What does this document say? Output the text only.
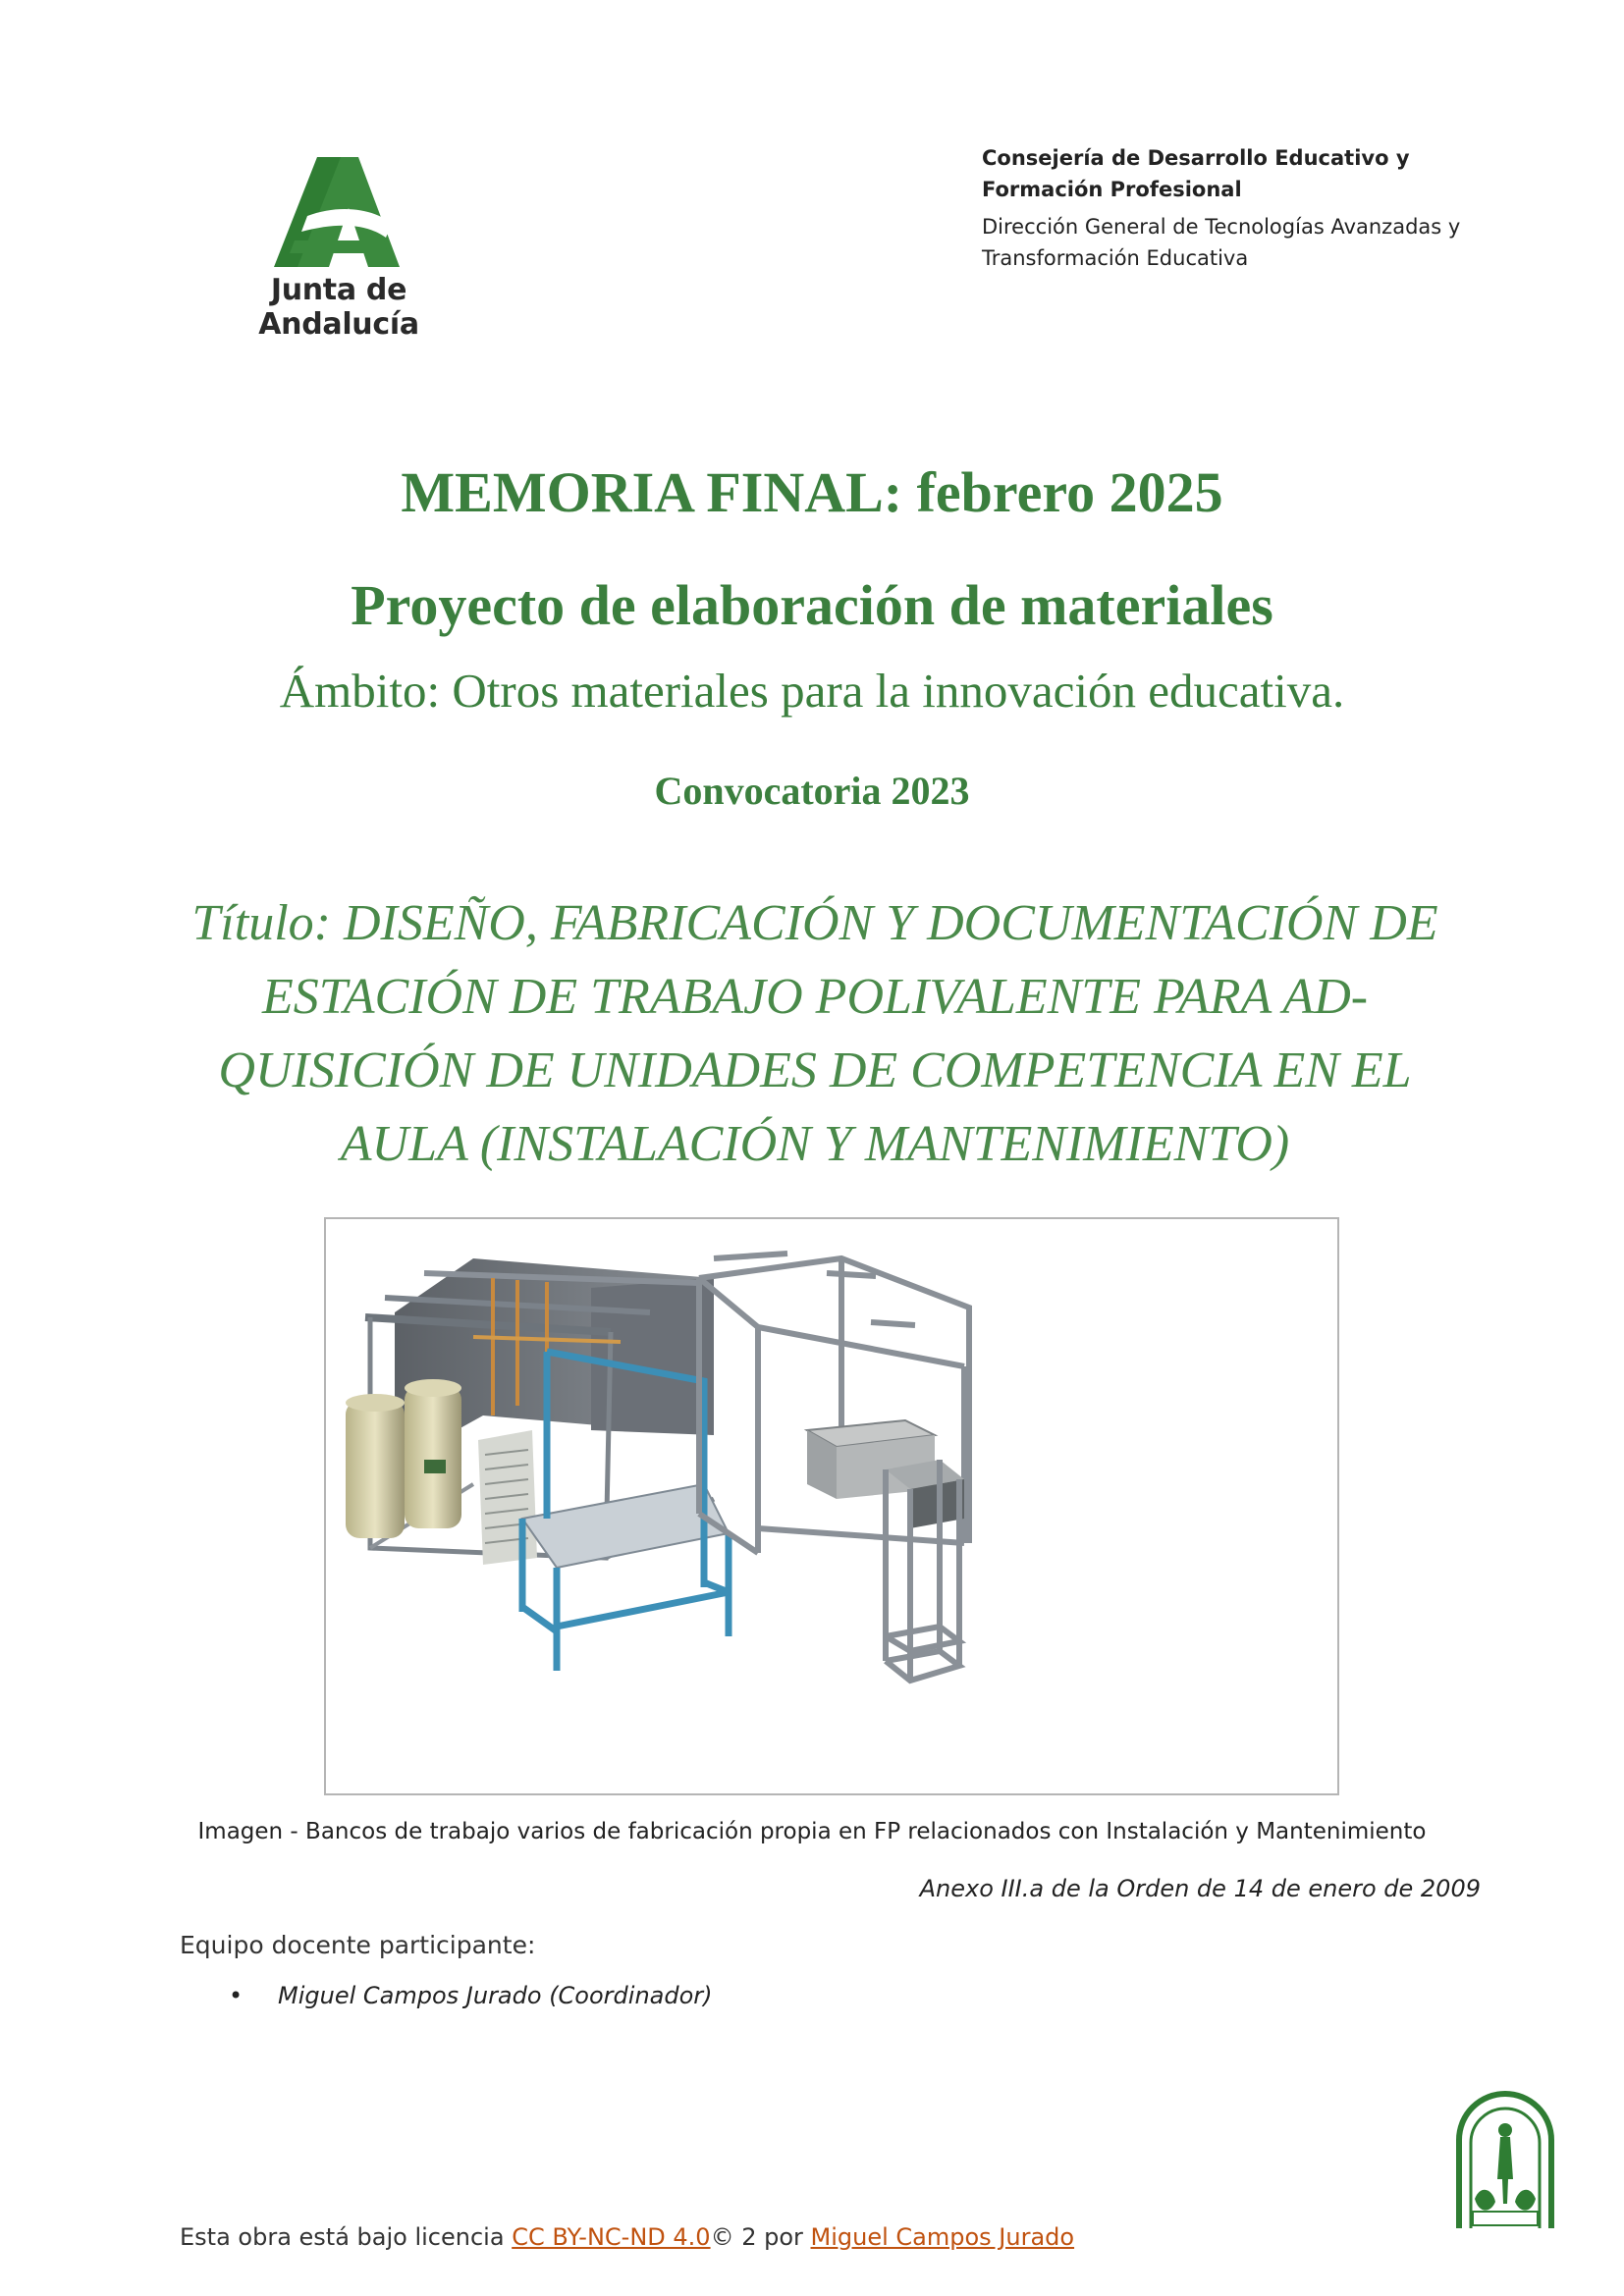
Junta de Andalucía
Consejería de Desarrollo Educativo y Formación Profesional
Dirección General de Tecnologías Avanzadas y Transformación Educativa
MEMORIA FINAL: febrero 2025
Proyecto de elaboración de materiales
Ámbito: Otros materiales para la innovación educativa.
Convocatoria 2023
Título: DISEÑO, FABRICACIÓN Y DOCUMENTACIÓN DE ESTACIÓN DE TRABAJO POLIVALENTE PARA AD-QUISICIÓN DE UNIDADES DE COMPETENCIA EN EL AULA (INSTALACIÓN Y MANTENIMIENTO)
Imagen - Bancos de trabajo varios de fabricación propia en FP relacionados con Instalación y Mantenimiento
Anexo III.a de la Orden de 14 de enero de 2009
Equipo docente participante:
• Miguel Campos Jurado (Coordinador)
Esta obra está bajo licencia CC BY-NC-ND 4.0© 2 por Miguel Campos Jurado
